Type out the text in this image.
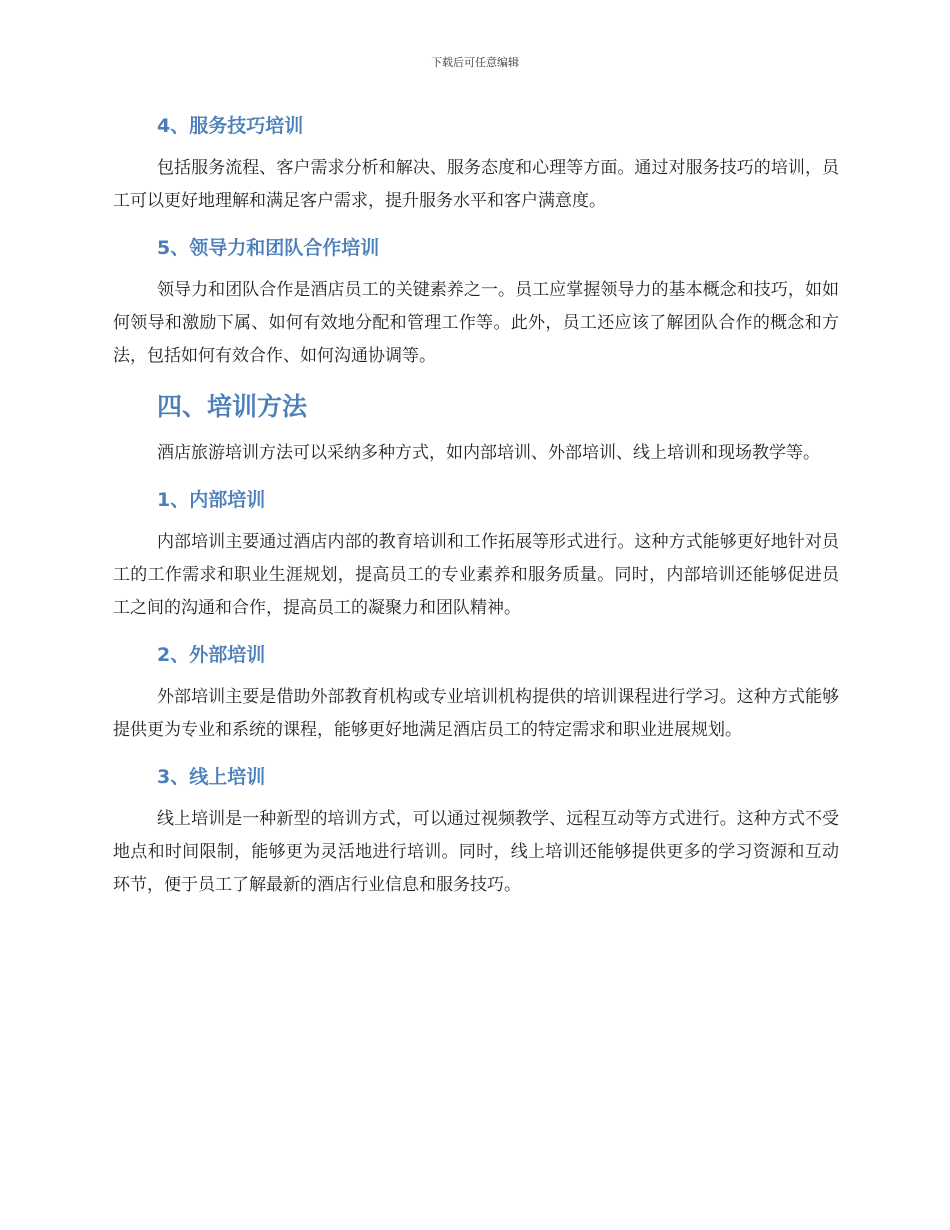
下载后可任意编辑
4、服务技巧培训

包括服务流程、客户需求分析和解决、服务态度和心理等方面。通过对服务技巧的培训，员工可以更好地理解和满足客户需求，提升服务水平和客户满意度。

5、领导力和团队合作培训

领导力和团队合作是酒店员工的关键素养之一。员工应掌握领导力的基本概念和技巧，如如何领导和激励下属、如何有效地分配和管理工作等。此外，员工还应该了解团队合作的概念和方法，包括如何有效合作、如何沟通协调等。

四、培训方法

酒店旅游培训方法可以采纳多种方式，如内部培训、外部培训、线上培训和现场教学等。

1、内部培训

内部培训主要通过酒店内部的教育培训和工作拓展等形式进行。这种方式能够更好地针对员工的工作需求和职业生涯规划，提高员工的专业素养和服务质量。同时，内部培训还能够促进员工之间的沟通和合作，提高员工的凝聚力和团队精神。

2、外部培训

外部培训主要是借助外部教育机构或专业培训机构提供的培训课程进行学习。这种方式能够提供更为专业和系统的课程，能够更好地满足酒店员工的特定需求和职业进展规划。

3、线上培训

线上培训是一种新型的培训方式，可以通过视频教学、远程互动等方式进行。这种方式不受地点和时间限制，能够更为灵活地进行培训。同时，线上培训还能够提供更多的学习资源和互动环节，便于员工了解最新的酒店行业信息和服务技巧。
